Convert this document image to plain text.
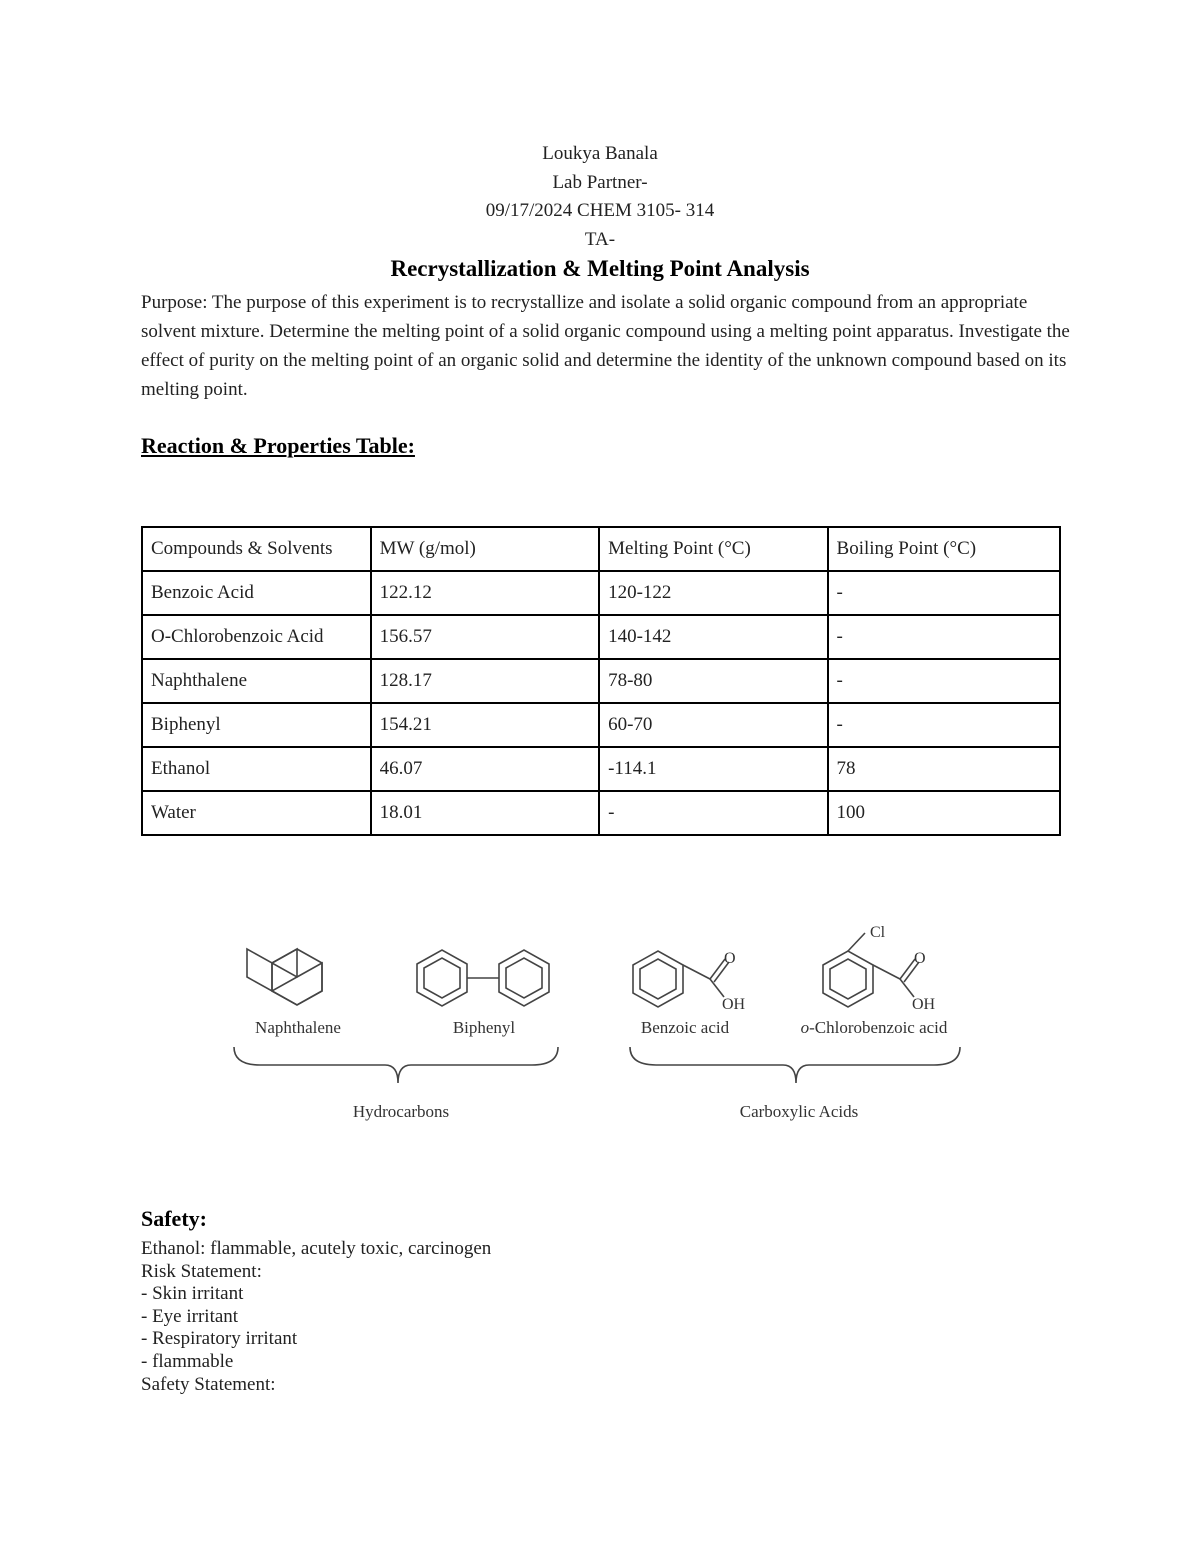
Loukya Banala
Lab Partner-
09/17/2024 CHEM 3105- 314
TA-
Recrystallization & Melting Point Analysis
Purpose: The purpose of this experiment is to recrystallize and isolate a solid organic compound from an appropriate solvent mixture. Determine the melting point of a solid organic compound using a melting point apparatus. Investigate the effect of purity on the melting point of an organic solid and determine the identity of the unknown compound based on its melting point.
Reaction & Properties Table:
Compounds & Solvents	MW (g/mol)	Melting Point (°C)	Boiling Point (°C)
Benzoic Acid	122.12	120-122	-
O-Chlorobenzoic Acid	156.57	140-142	-
Naphthalene	128.17	78-80	-
Biphenyl	154.21	60-70	-
Ethanol	46.07	-114.1	78
Water	18.01	-	100
Naphthalene	Biphenyl	Benzoic acid	o-Chlorobenzoic acid
Hydrocarbons	Carboxylic Acids
O
OH
O
OH
Cl
Safety:
Ethanol: flammable, acutely toxic, carcinogen
Risk Statement:
- Skin irritant
- Eye irritant
- Respiratory irritant
- flammable
Safety Statement:
